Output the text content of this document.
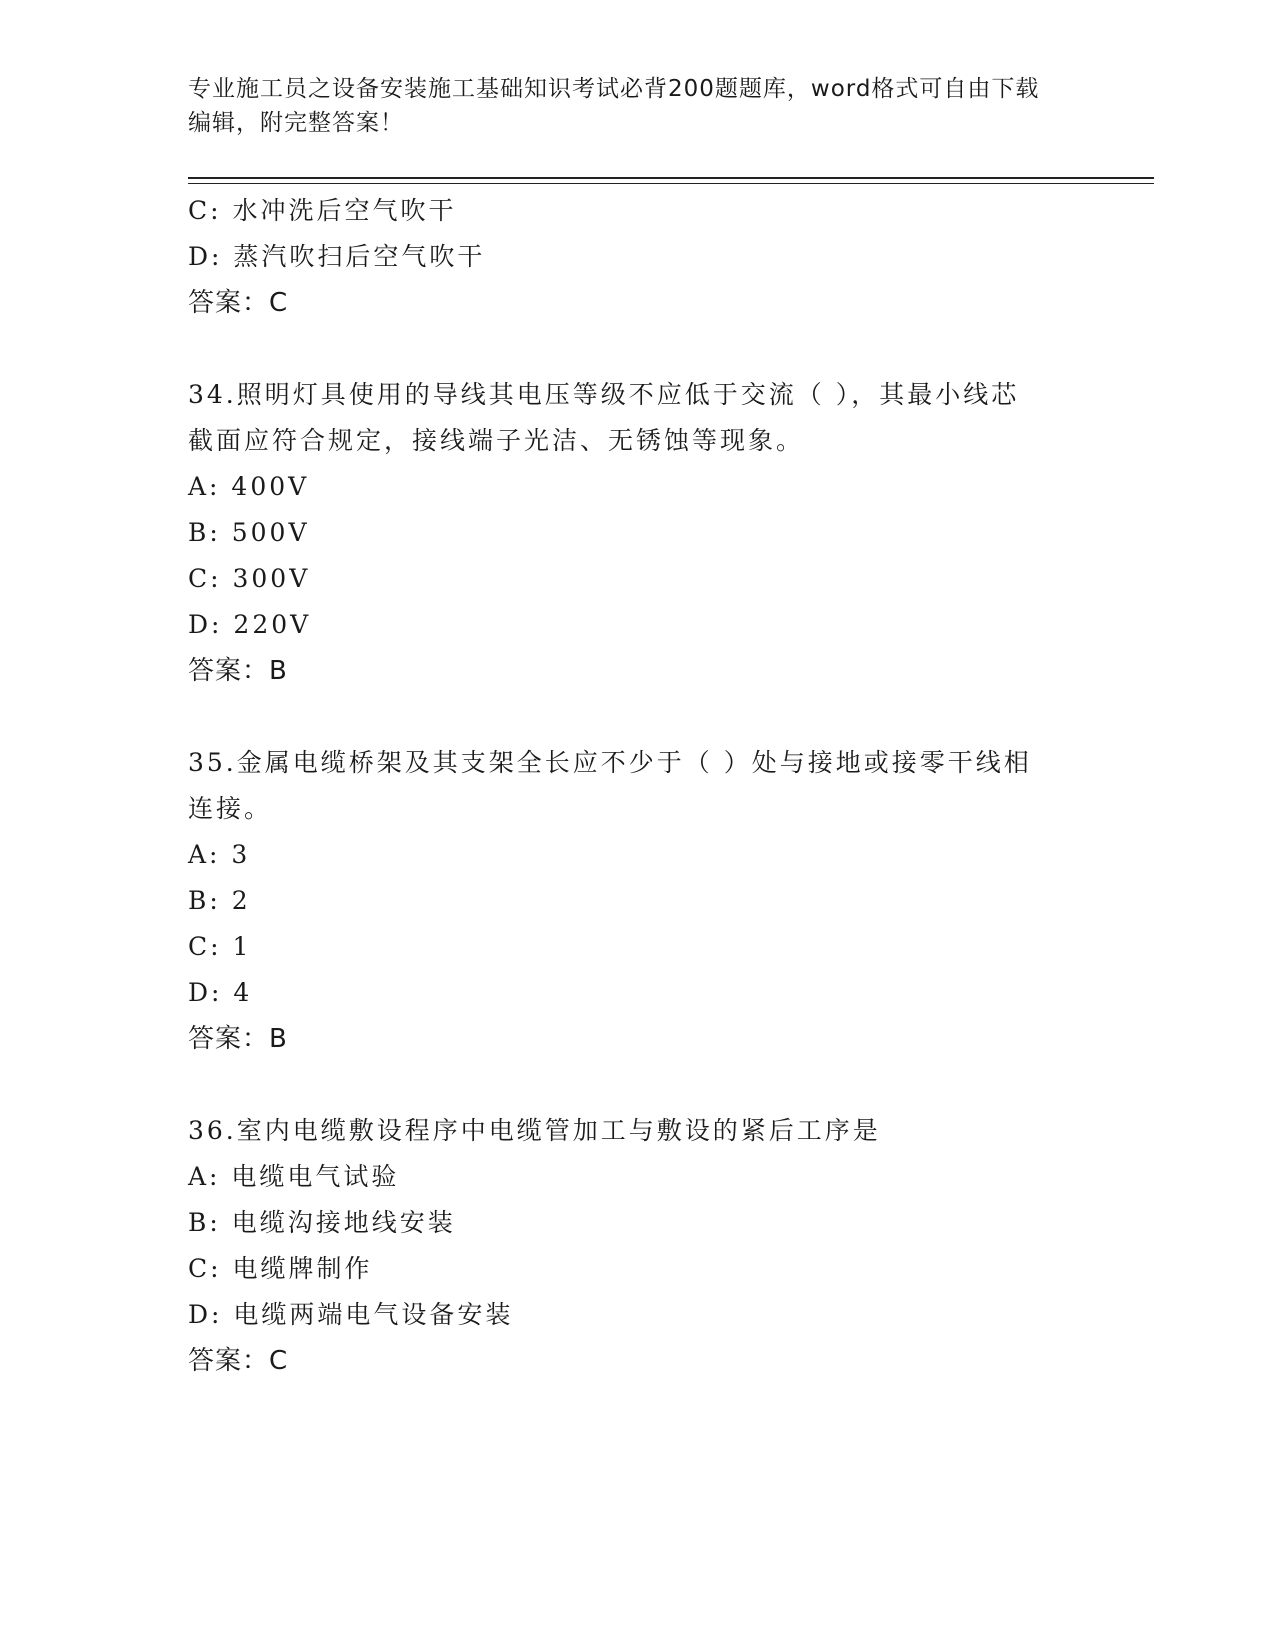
专业施工员之设备安装施工基础知识考试必背200题题库，word格式可自由下载
编辑，附完整答案！
C: 水冲洗后空气吹干
D: 蒸汽吹扫后空气吹干
答案：C
34.照明灯具使用的导线其电压等级不应低于交流（ ），其最小线芯
截面应符合规定，接线端子光洁、无锈蚀等现象。
A: 400V
B: 500V
C: 300V
D: 220V
答案：B
35.金属电缆桥架及其支架全长应不少于（ ）处与接地或接零干线相
连接。
A: 3
B: 2
C: 1
D: 4
答案：B
36.室内电缆敷设程序中电缆管加工与敷设的紧后工序是
A: 电缆电气试验
B: 电缆沟接地线安装
C: 电缆牌制作
D: 电缆两端电气设备安装
答案：C
